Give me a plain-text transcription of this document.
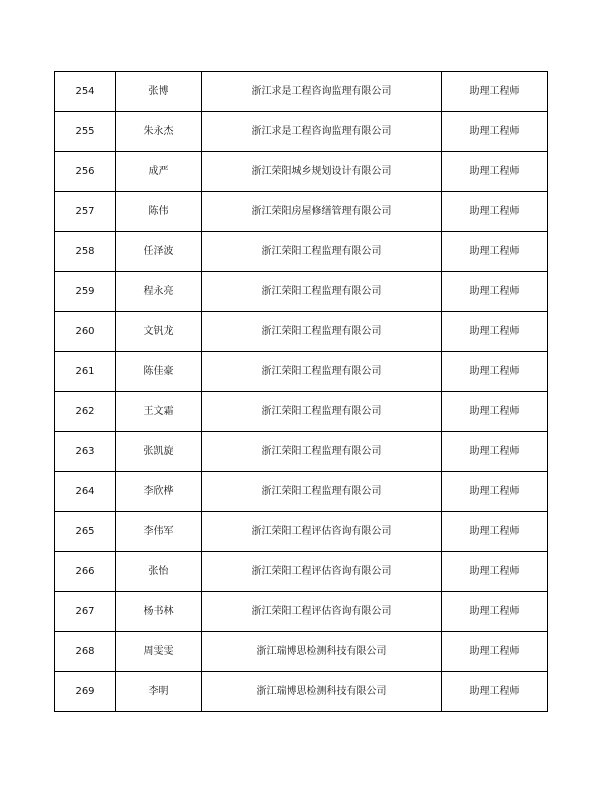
254	张博	浙江求是工程咨询监理有限公司	助理工程师
255	朱永杰	浙江求是工程咨询监理有限公司	助理工程师
256	成严	浙江荣阳城乡规划设计有限公司	助理工程师
257	陈伟	浙江荣阳房屋修缮管理有限公司	助理工程师
258	任泽波	浙江荣阳工程监理有限公司	助理工程师
259	程永亮	浙江荣阳工程监理有限公司	助理工程师
260	文钒龙	浙江荣阳工程监理有限公司	助理工程师
261	陈佳豪	浙江荣阳工程监理有限公司	助理工程师
262	王文霜	浙江荣阳工程监理有限公司	助理工程师
263	张凯旋	浙江荣阳工程监理有限公司	助理工程师
264	李欣桦	浙江荣阳工程监理有限公司	助理工程师
265	李伟军	浙江荣阳工程评估咨询有限公司	助理工程师
266	张怡	浙江荣阳工程评估咨询有限公司	助理工程师
267	杨书林	浙江荣阳工程评估咨询有限公司	助理工程师
268	周雯雯	浙江瑞博思检测科技有限公司	助理工程师
269	李明	浙江瑞博思检测科技有限公司	助理工程师
